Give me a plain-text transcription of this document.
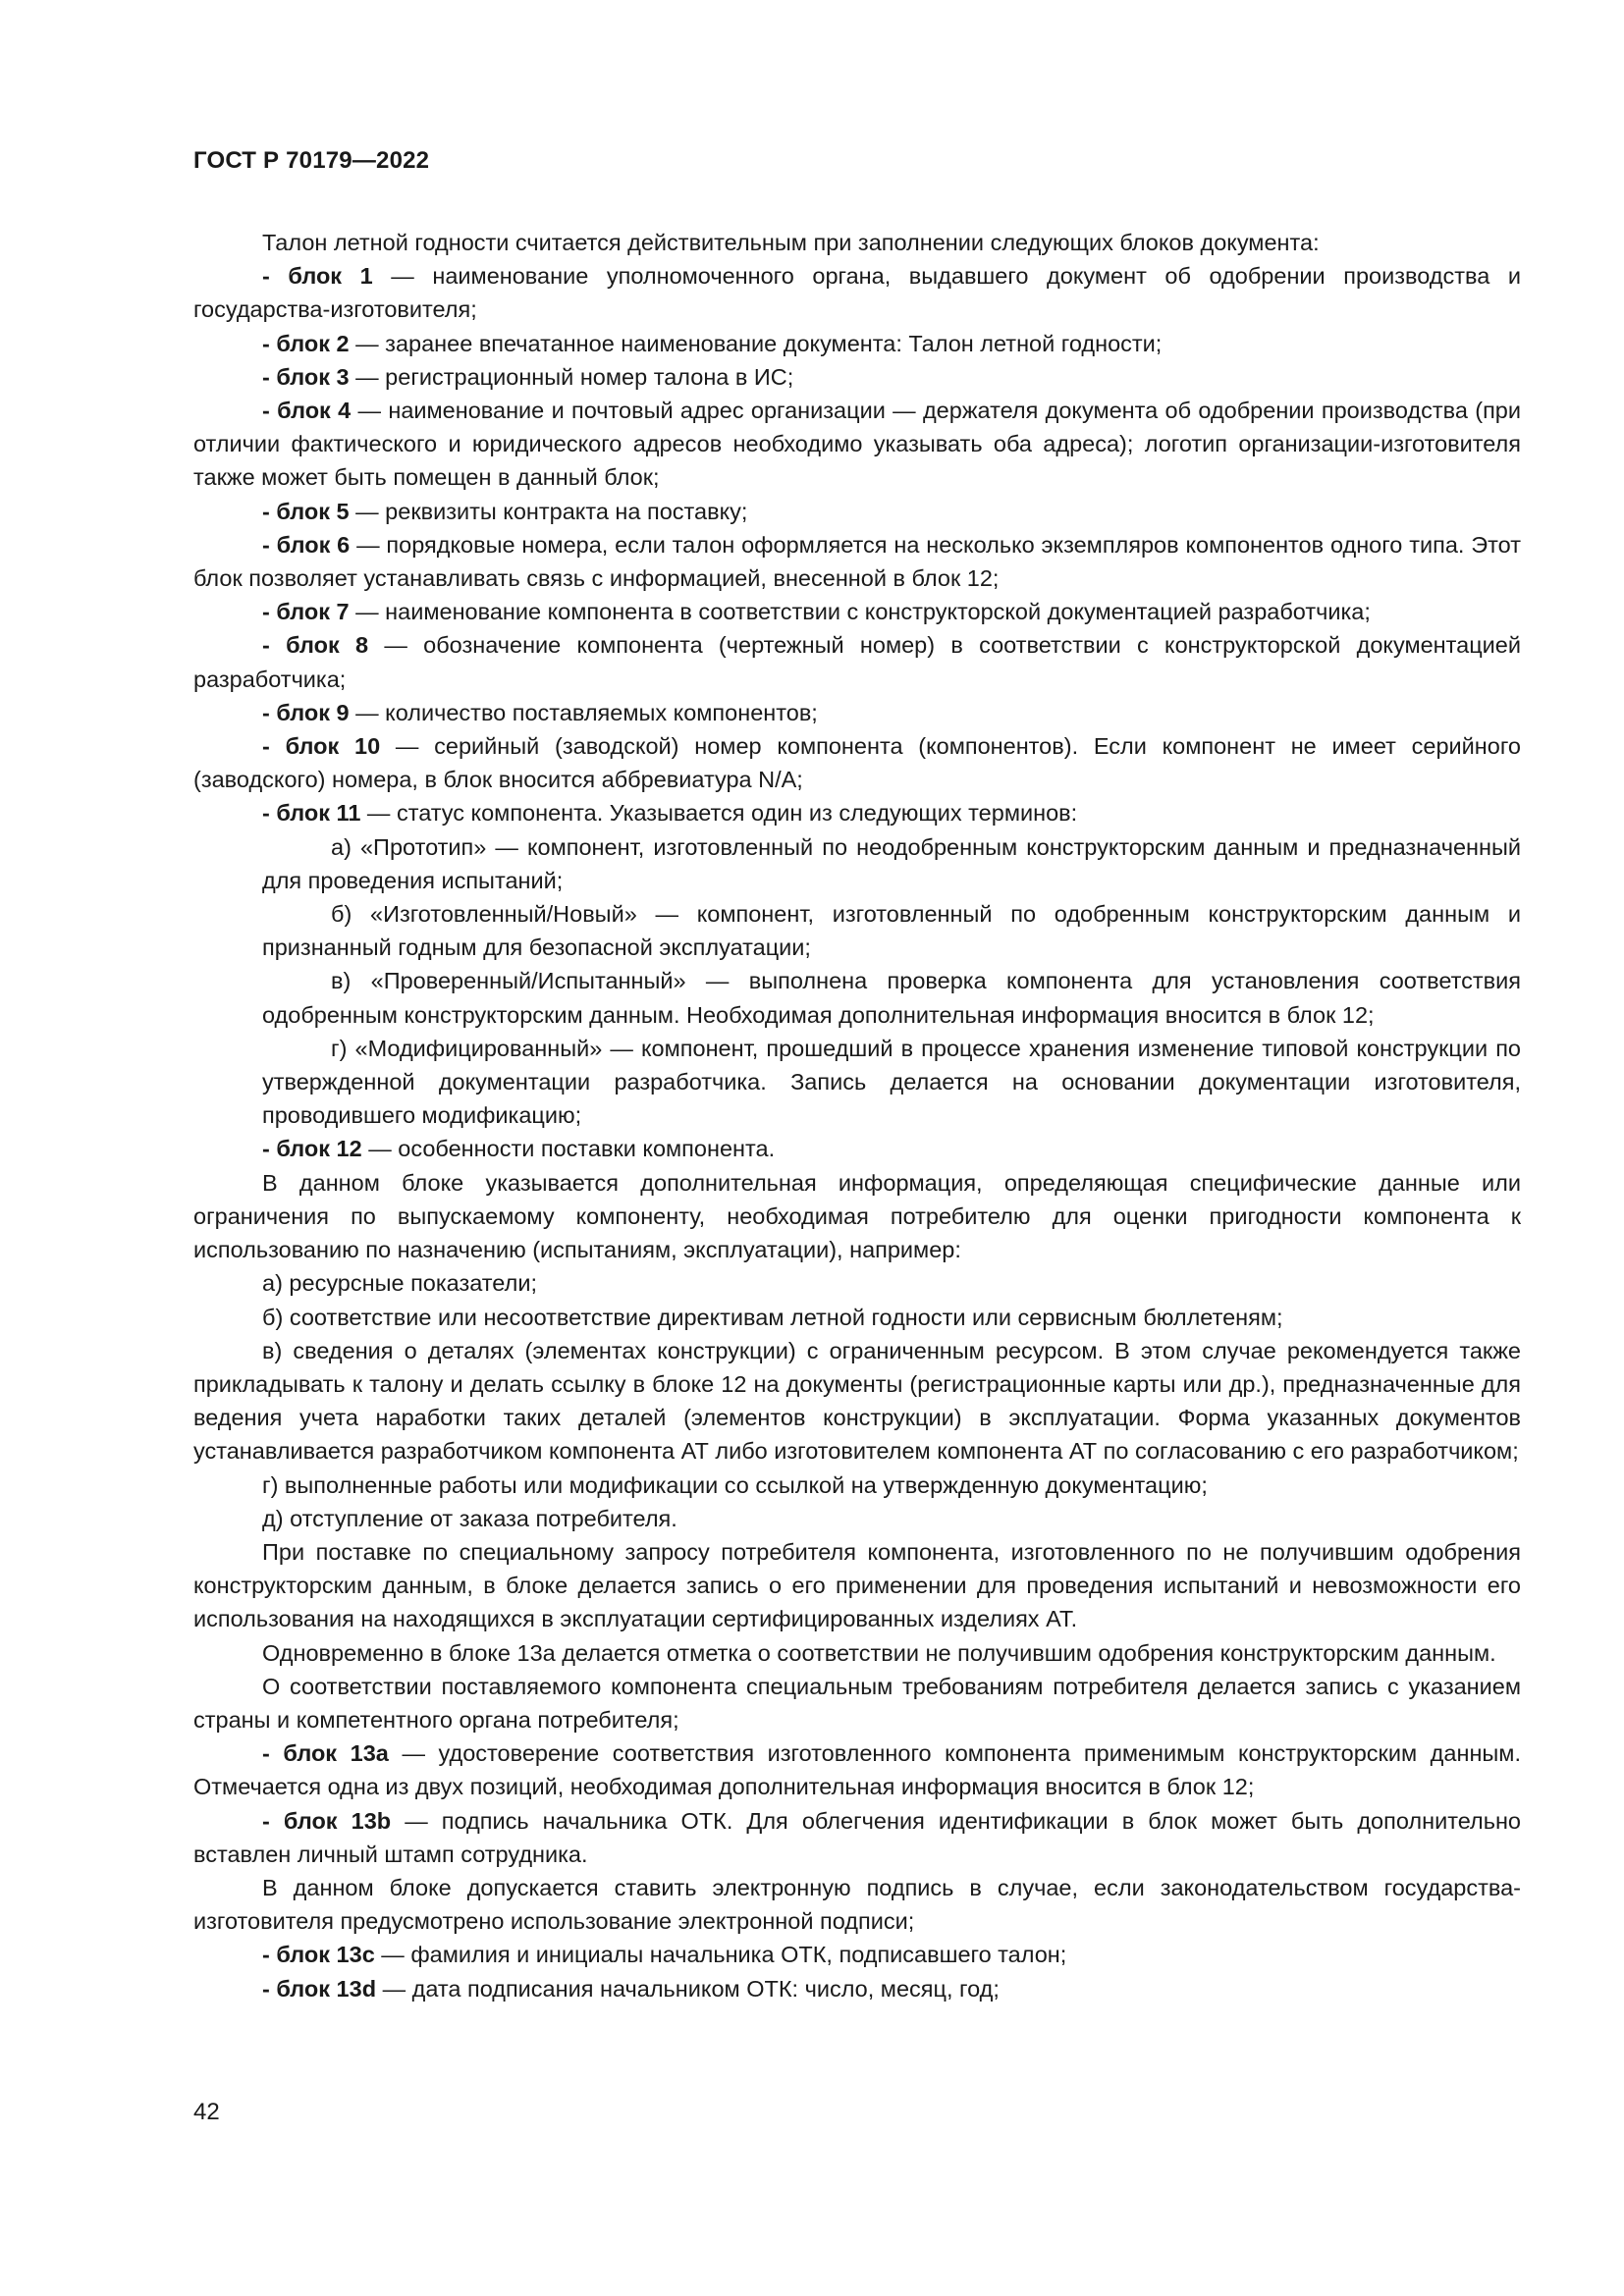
ГОСТ Р 70179—2022

Талон летной годности считается действительным при заполнении следующих блоков документа:

- блок 1 — наименование уполномоченного органа, выдавшего документ об одобрении производства и государства-изготовителя;

- блок 2 — заранее впечатанное наименование документа: Талон летной годности;

- блок 3 — регистрационный номер талона в ИС;

- блок 4 — наименование и почтовый адрес организации — держателя документа об одобрении производства (при отличии фактического и юридического адресов необходимо указывать оба адреса); логотип организации-изготовителя также может быть помещен в данный блок;

- блок 5 — реквизиты контракта на поставку;

- блок 6 — порядковые номера, если талон оформляется на несколько экземпляров компонентов одного типа. Этот блок позволяет устанавливать связь с информацией, внесенной в блок 12;

- блок 7 — наименование компонента в соответствии с конструкторской документацией разработчика;

- блок 8 — обозначение компонента (чертежный номер) в соответствии с конструкторской документацией разработчика;

- блок 9 — количество поставляемых компонентов;

- блок 10 — серийный (заводской) номер компонента (компонентов). Если компонент не имеет серийного (заводского) номера, в блок вносится аббревиатура N/A;

- блок 11 — статус компонента. Указывается один из следующих терминов:

а) «Прототип» — компонент, изготовленный по неодобренным конструкторским данным и предназначенный для проведения испытаний;

б) «Изготовленный/Новый» — компонент, изготовленный по одобренным конструкторским данным и признанный годным для безопасной эксплуатации;

в) «Проверенный/Испытанный» — выполнена проверка компонента для установления соответствия одобренным конструкторским данным. Необходимая дополнительная информация вносится в блок 12;

г) «Модифицированный» — компонент, прошедший в процессе хранения изменение типовой конструкции по утвержденной документации разработчика. Запись делается на основании документации изготовителя, проводившего модификацию;

- блок 12 — особенности поставки компонента.

В данном блоке указывается дополнительная информация, определяющая специфические данные или ограничения по выпускаемому компоненту, необходимая потребителю для оценки пригодности компонента к использованию по назначению (испытаниям, эксплуатации), например:

а) ресурсные показатели;

б) соответствие или несоответствие директивам летной годности или сервисным бюллетеням;

в) сведения о деталях (элементах конструкции) с ограниченным ресурсом. В этом случае рекомендуется также прикладывать к талону и делать ссылку в блоке 12 на документы (регистрационные карты или др.), предназначенные для ведения учета наработки таких деталей (элементов конструкции) в эксплуатации. Форма указанных документов устанавливается разработчиком компонента АТ либо изготовителем компонента АТ по согласованию с его разработчиком;

г) выполненные работы или модификации со ссылкой на утвержденную документацию;

д) отступление от заказа потребителя.

При поставке по специальному запросу потребителя компонента, изготовленного по не получившим одобрения конструкторским данным, в блоке делается запись о его применении для проведения испытаний и невозможности его использования на находящихся в эксплуатации сертифицированных изделиях АТ.

Одновременно в блоке 13а делается отметка о соответствии не получившим одобрения конструкторским данным.

О соответствии поставляемого компонента специальным требованиям потребителя делается запись с указанием страны и компетентного органа потребителя;

- блок 13а — удостоверение соответствия изготовленного компонента применимым конструкторским данным. Отмечается одна из двух позиций, необходимая дополнительная информация вносится в блок 12;

- блок 13b — подпись начальника ОТК. Для облегчения идентификации в блок может быть дополнительно вставлен личный штамп сотрудника.

В данном блоке допускается ставить электронную подпись в случае, если законодательством государства-изготовителя предусмотрено использование электронной подписи;

- блок 13с — фамилия и инициалы начальника ОТК, подписавшего талон;

- блок 13d — дата подписания начальником ОТК: число, месяц, год;

42
